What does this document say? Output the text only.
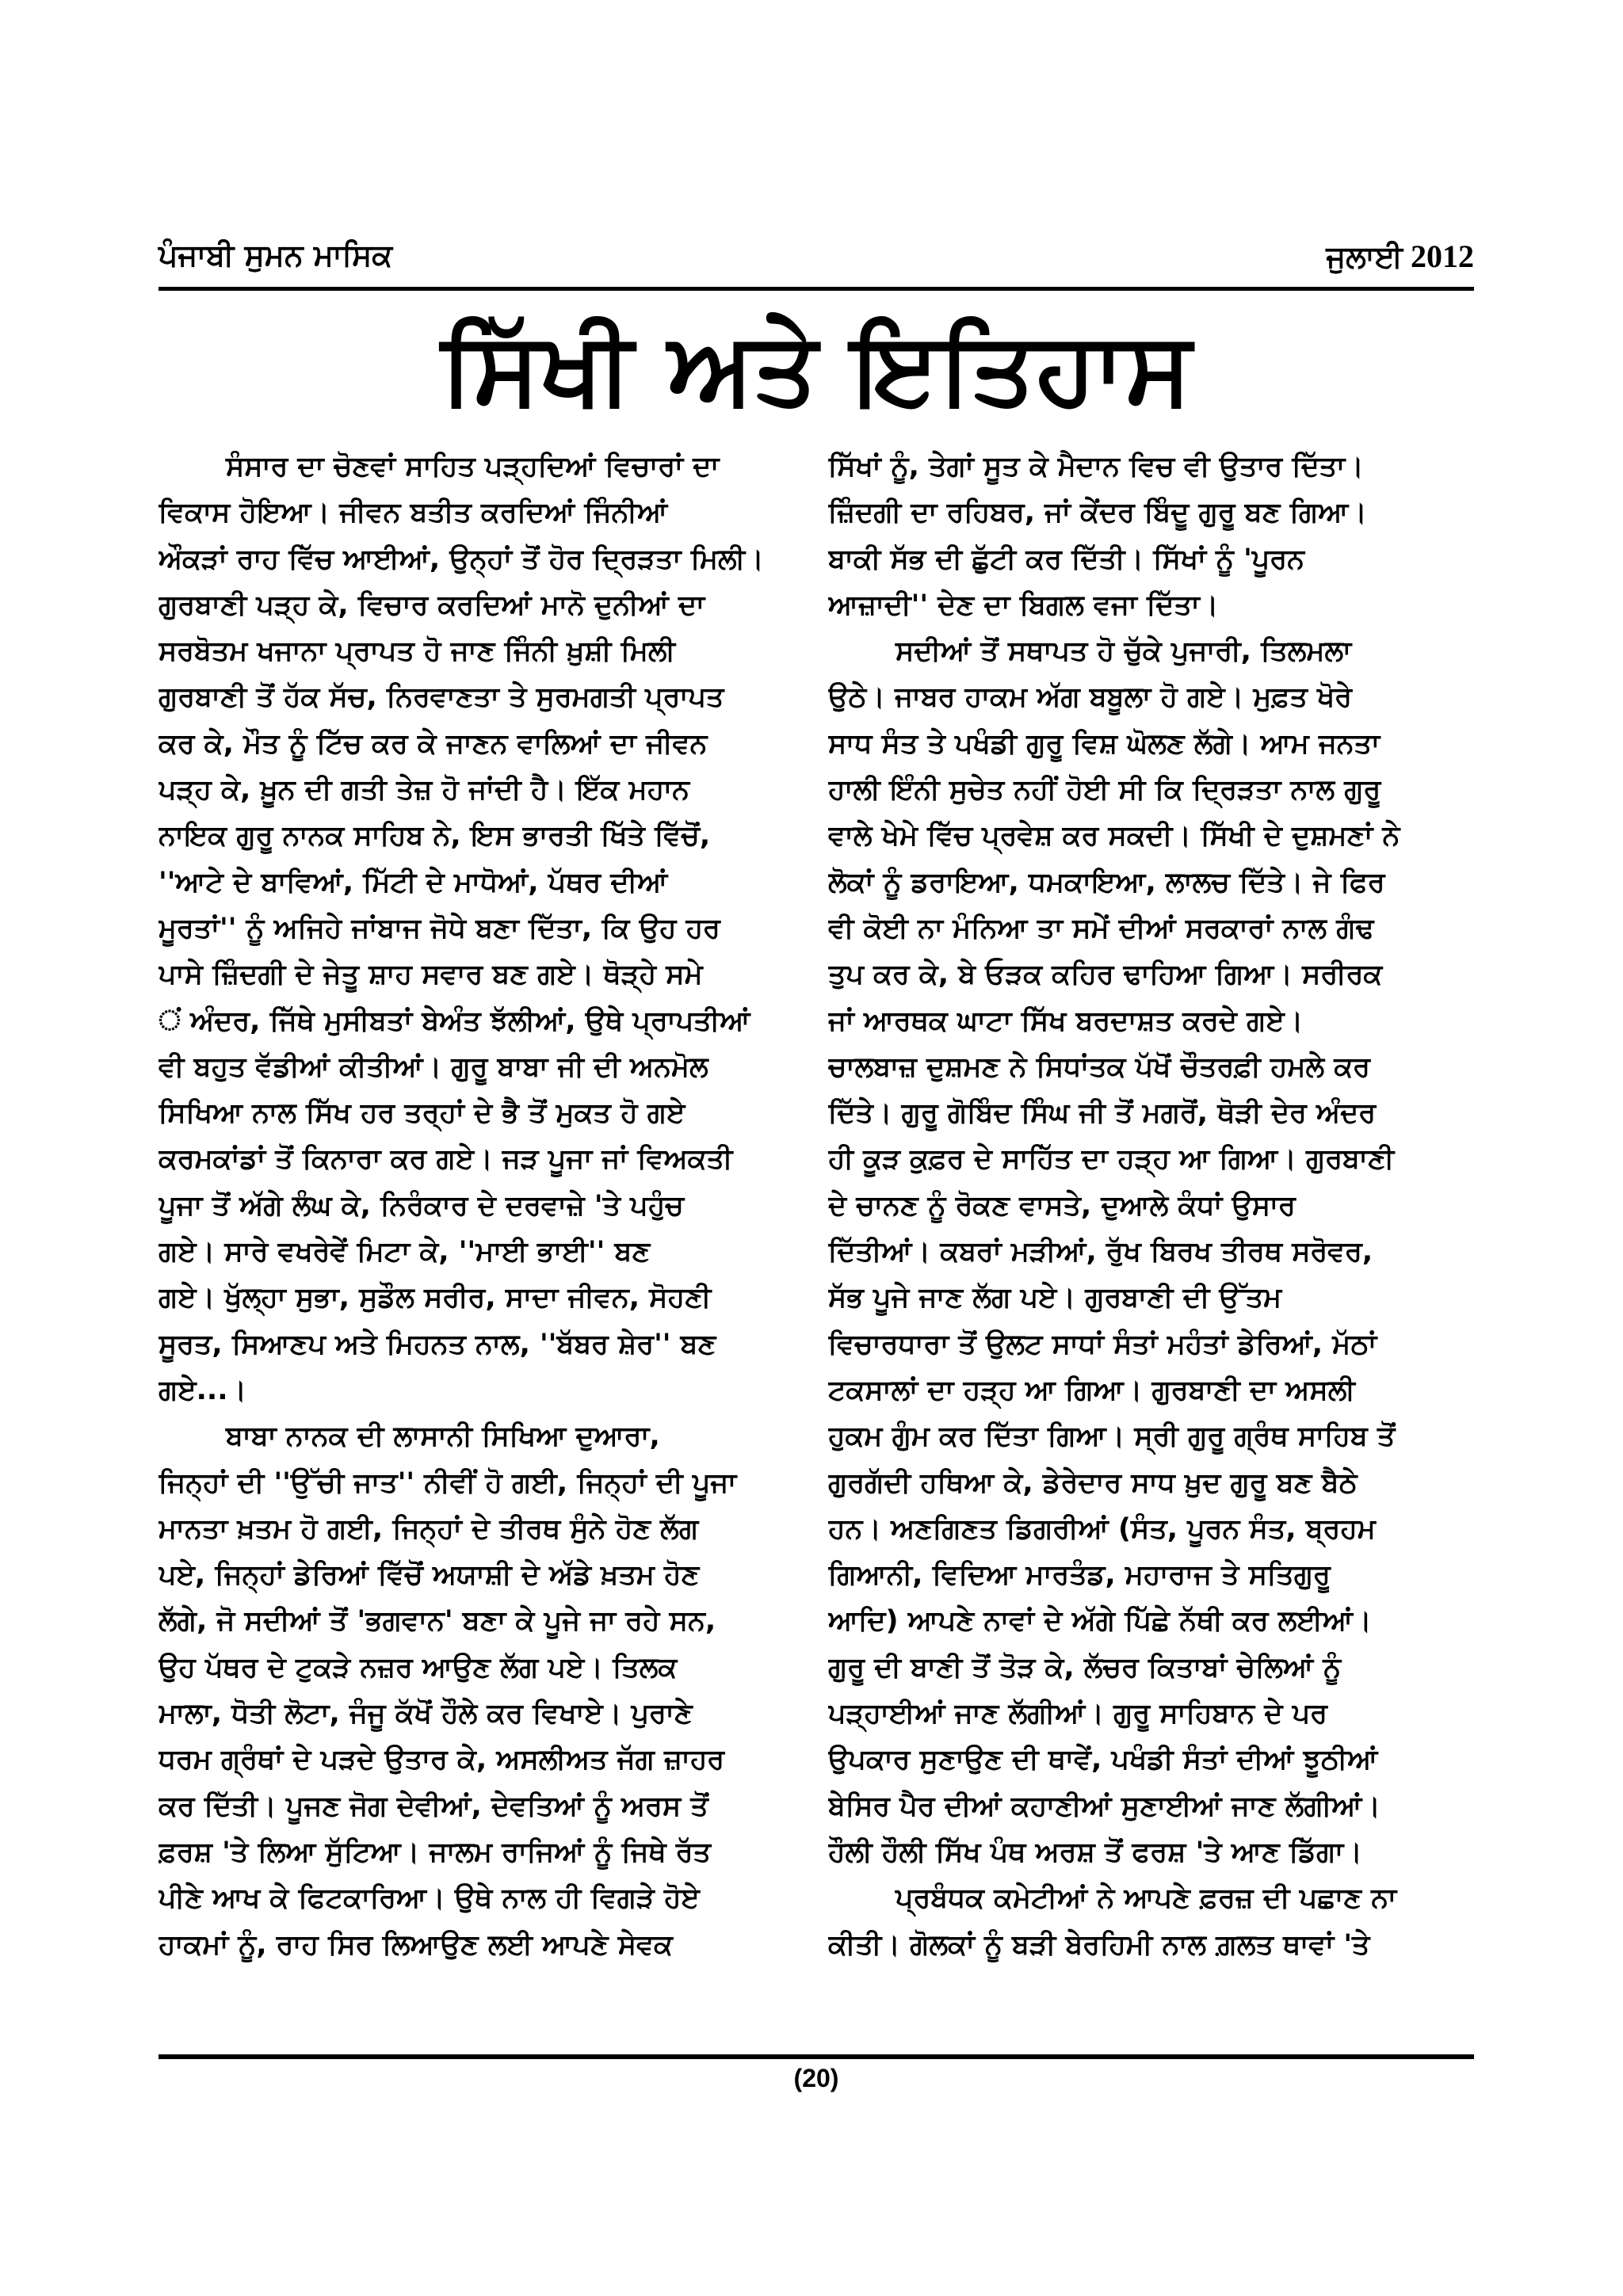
ਪੰਜਾਬੀ ਸੁਮਨ ਮਾਸਿਕ	ਜੁਲਾਈ 2012
ਸਿੱਖੀ ਅਤੇ ਇਤਿਹਾਸ
ਸੰਸਾਰ ਦਾ ਚੋਣਵਾਂ ਸਾਹਿਤ ਪੜ੍ਹਦਿਆਂ ਵਿਚਾਰਾਂ ਦਾ
ਵਿਕਾਸ ਹੋਇਆ। ਜੀਵਨ ਬਤੀਤ ਕਰਦਿਆਂ ਜਿੰਨੀਆਂ
ਔਕੜਾਂ ਰਾਹ ਵਿੱਚ ਆਈਆਂ, ਉਨ੍ਹਾਂ ਤੋਂ ਹੋਰ ਦ੍ਰਿੜਤਾ ਮਿਲੀ।
ਗੁਰਬਾਣੀ ਪੜ੍ਹ ਕੇ, ਵਿਚਾਰ ਕਰਦਿਆਂ ਮਾਨੋ ਦੁਨੀਆਂ ਦਾ
ਸਰਬੋਤਮ ਖਜਾਨਾ ਪ੍ਰਾਪਤ ਹੋ ਜਾਣ ਜਿੰਨੀ ਖ਼ੁਸ਼ੀ ਮਿਲੀ
ਗੁਰਬਾਣੀ ਤੋਂ ਹੱਕ ਸੱਚ, ਨਿਰਵਾਣਤਾ ਤੇ ਸੁਰਮਗਤੀ ਪ੍ਰਾਪਤ
ਕਰ ਕੇ, ਮੌਤ ਨੂੰ ਟਿੱਚ ਕਰ ਕੇ ਜਾਣਨ ਵਾਲਿਆਂ ਦਾ ਜੀਵਨ
ਪੜ੍ਹ ਕੇ, ਖ਼ੂਨ ਦੀ ਗਤੀ ਤੇਜ਼ ਹੋ ਜਾਂਦੀ ਹੈ। ਇੱਕ ਮਹਾਨ
ਨਾਇਕ ਗੁਰੂ ਨਾਨਕ ਸਾਹਿਬ ਨੇ, ਇਸ ਭਾਰਤੀ ਖਿੱਤੇ ਵਿੱਚੋਂ,
''ਆਟੇ ਦੇ ਬਾਵਿਆਂ, ਮਿੱਟੀ ਦੇ ਮਾਧੋਆਂ, ਪੱਥਰ ਦੀਆਂ
ਮੂਰਤਾਂ'' ਨੂੰ ਅਜਿਹੇ ਜਾਂਬਾਜ ਜੋਧੇ ਬਣਾ ਦਿੱਤਾ, ਕਿ ਉਹ ਹਰ
ਪਾਸੇ ਜ਼ਿੰਦਗੀ ਦੇ ਜੇਤੂ ਸ਼ਾਹ ਸਵਾਰ ਬਣ ਗਏ। ਥੋੜ੍ਹੇ ਸਮੇ
ਂ ਅੰਦਰ, ਜਿੱਥੇ ਮੁਸੀਬਤਾਂ ਬੇਅੰਤ ਝੱਲੀਆਂ, ਉਥੇ ਪ੍ਰਾਪਤੀਆਂ
ਵੀ ਬਹੁਤ ਵੱਡੀਆਂ ਕੀਤੀਆਂ। ਗੁਰੂ ਬਾਬਾ ਜੀ ਦੀ ਅਨਮੋਲ
ਸਿਖਿਆ ਨਾਲ ਸਿੱਖ ਹਰ ਤਰ੍ਹਾਂ ਦੇ ਭੈ ਤੋਂ ਮੁਕਤ ਹੋ ਗਏ
ਕਰਮਕਾਂਡਾਂ ਤੋਂ ਕਿਨਾਰਾ ਕਰ ਗਏ। ਜੜ ਪੂਜਾ ਜਾਂ ਵਿਅਕਤੀ
ਪੂਜਾ ਤੋਂ ਅੱਗੇ ਲੰਘ ਕੇ, ਨਿਰੰਕਾਰ ਦੇ ਦਰਵਾਜ਼ੇ 'ਤੇ ਪਹੁੰਚ
ਗਏ। ਸਾਰੇ ਵਖਰੇਵੇਂ ਮਿਟਾ ਕੇ, ''ਮਾਈ ਭਾਈ'' ਬਣ
ਗਏ। ਖੁੱਲ੍ਹਾ ਸੁਭਾ, ਸੁਡੌਲ ਸਰੀਰ, ਸਾਦਾ ਜੀਵਨ, ਸੋਹਣੀ
ਸੂਰਤ, ਸਿਆਣਪ ਅਤੇ ਮਿਹਨਤ ਨਾਲ, ''ਬੱਬਰ ਸ਼ੇਰ'' ਬਣ
ਗਏ...।
ਬਾਬਾ ਨਾਨਕ ਦੀ ਲਾਸਾਨੀ ਸਿਖਿਆ ਦੁਆਰਾ,
ਜਿਨ੍ਹਾਂ ਦੀ ''ਉੱਚੀ ਜਾਤ'' ਨੀਵੀਂ ਹੋ ਗਈ, ਜਿਨ੍ਹਾਂ ਦੀ ਪੂਜਾ
ਮਾਨਤਾ ਖ਼ਤਮ ਹੋ ਗਈ, ਜਿਨ੍ਹਾਂ ਦੇ ਤੀਰਥ ਸੁੰਨੇ ਹੋਣ ਲੱਗ
ਪਏ, ਜਿਨ੍ਹਾਂ ਡੇਰਿਆਂ ਵਿੱਚੋਂ ਅਯਾਸ਼ੀ ਦੇ ਅੱਡੇ ਖ਼ਤਮ ਹੋਣ
ਲੱਗੇ, ਜੋ ਸਦੀਆਂ ਤੋਂ 'ਭਗਵਾਨ' ਬਣਾ ਕੇ ਪੂਜੇ ਜਾ ਰਹੇ ਸਨ,
ਉਹ ਪੱਥਰ ਦੇ ਟੁਕੜੇ ਨਜ਼ਰ ਆਉਣ ਲੱਗ ਪਏ। ਤਿਲਕ
ਮਾਲਾ, ਧੋਤੀ ਲੋਟਾ, ਜੰਜੂ ਕੱਖੋਂ ਹੌਲੇ ਕਰ ਵਿਖਾਏ। ਪੁਰਾਣੇ
ਧਰਮ ਗ੍ਰੰਥਾਂ ਦੇ ਪੜਦੇ ਉਤਾਰ ਕੇ, ਅਸਲੀਅਤ ਜੱਗ ਜ਼ਾਹਰ
ਕਰ ਦਿੱਤੀ। ਪੂਜਣ ਜੋਗ ਦੇਵੀਆਂ, ਦੇਵਤਿਆਂ ਨੂੰ ਅਰਸ ਤੋਂ
ਫ਼ਰਸ਼ 'ਤੇ ਲਿਆ ਸੁੱਟਿਆ। ਜਾਲਮ ਰਾਜਿਆਂ ਨੂੰ ਜਿਥੇ ਰੱਤ
ਪੀਣੇ ਆਖ ਕੇ ਫਿਟਕਾਰਿਆ। ਉਥੇ ਨਾਲ ਹੀ ਵਿਗੜੇ ਹੋਏ
ਹਾਕਮਾਂ ਨੂੰ, ਰਾਹ ਸਿਰ ਲਿਆਉਣ ਲਈ ਆਪਣੇ ਸੇਵਕ
ਸਿੱਖਾਂ ਨੂੰ, ਤੇਗਾਂ ਸੂਤ ਕੇ ਮੈਦਾਨ ਵਿਚ ਵੀ ਉਤਾਰ ਦਿੱਤਾ।
ਜ਼ਿੰਦਗੀ ਦਾ ਰਹਿਬਰ, ਜਾਂ ਕੇਂਦਰ ਬਿੰਦੂ ਗੁਰੂ ਬਣ ਗਿਆ।
ਬਾਕੀ ਸੱਭ ਦੀ ਛੁੱਟੀ ਕਰ ਦਿੱਤੀ। ਸਿੱਖਾਂ ਨੂੰ 'ਪੂਰਨ
ਆਜ਼ਾਦੀ'' ਦੇਣ ਦਾ ਬਿਗਲ ਵਜਾ ਦਿੱਤਾ।
ਸਦੀਆਂ ਤੋਂ ਸਥਾਪਤ ਹੋ ਚੁੱਕੇ ਪੁਜਾਰੀ, ਤਿਲਮਲਾ
ਉਠੇ। ਜਾਬਰ ਹਾਕਮ ਅੱਗ ਬਬੂਲਾ ਹੋ ਗਏ। ਮੁਫ਼ਤ ਖੋਰੇ
ਸਾਧ ਸੰਤ ਤੇ ਪਖੰਡੀ ਗੁਰੂ ਵਿਸ਼ ਘੋਲਣ ਲੱਗੇ। ਆਮ ਜਨਤਾ
ਹਾਲੀ ਇੰਨੀ ਸੁਚੇਤ ਨਹੀਂ ਹੋਈ ਸੀ ਕਿ ਦ੍ਰਿੜਤਾ ਨਾਲ ਗੁਰੂ
ਵਾਲੇ ਖੇਮੇ ਵਿੱਚ ਪ੍ਰਵੇਸ਼ ਕਰ ਸਕਦੀ। ਸਿੱਖੀ ਦੇ ਦੁਸ਼ਮਣਾਂ ਨੇ
ਲੋਕਾਂ ਨੂੰ ਡਰਾਇਆ, ਧਮਕਾਇਆ, ਲਾਲਚ ਦਿੱਤੇ। ਜੇ ਫਿਰ
ਵੀ ਕੋਈ ਨਾ ਮੰਨਿਆ ਤਾ ਸਮੇਂ ਦੀਆਂ ਸਰਕਾਰਾਂ ਨਾਲ ਗੰਢ
ਤੁਪ ਕਰ ਕੇ, ਬੇ ਓੜਕ ਕਹਿਰ ਢਾਹਿਆ ਗਿਆ। ਸਰੀਰਕ
ਜਾਂ ਆਰਥਕ ਘਾਟਾ ਸਿੱਖ ਬਰਦਾਸ਼ਤ ਕਰਦੇ ਗਏ।
ਚਾਲਬਾਜ਼ ਦੁਸ਼ਮਣ ਨੇ ਸਿਧਾਂਤਕ ਪੱਖੋਂ ਚੌਤਰਫ਼ੀ ਹਮਲੇ ਕਰ
ਦਿੱਤੇ। ਗੁਰੂ ਗੋਬਿੰਦ ਸਿੰਘ ਜੀ ਤੋਂ ਮਗਰੋਂ, ਥੋੜੀ ਦੇਰ ਅੰਦਰ
ਹੀ ਕੂੜ ਕੁਫ਼ਰ ਦੇ ਸਾਹਿੱਤ ਦਾ ਹੜ੍ਹ ਆ ਗਿਆ। ਗੁਰਬਾਣੀ
ਦੇ ਚਾਨਣ ਨੂੰ ਰੋਕਣ ਵਾਸਤੇ, ਦੁਆਲੇ ਕੰਧਾਂ ਉਸਾਰ
ਦਿੱਤੀਆਂ। ਕਬਰਾਂ ਮੜੀਆਂ, ਰੁੱਖ ਬਿਰਖ ਤੀਰਥ ਸਰੋਵਰ,
ਸੱਭ ਪੂਜੇ ਜਾਣ ਲੱਗ ਪਏ। ਗੁਰਬਾਣੀ ਦੀ ਉੱਤਮ
ਵਿਚਾਰਧਾਰਾ ਤੋਂ ਉਲਟ ਸਾਧਾਂ ਸੰਤਾਂ ਮਹੰਤਾਂ ਡੇਰਿਆਂ, ਮੱਠਾਂ
ਟਕਸਾਲਾਂ ਦਾ ਹੜ੍ਹ ਆ ਗਿਆ। ਗੁਰਬਾਣੀ ਦਾ ਅਸਲੀ
ਹੁਕਮ ਗੁੰਮ ਕਰ ਦਿੱਤਾ ਗਿਆ। ਸ੍ਰੀ ਗੁਰੂ ਗ੍ਰੰਥ ਸਾਹਿਬ ਤੋਂ
ਗੁਰਗੱਦੀ ਹਥਿਆ ਕੇ, ਡੇਰੇਦਾਰ ਸਾਧ ਖ਼ੁਦ ਗੁਰੂ ਬਣ ਬੈਠੇ
ਹਨ। ਅਣਗਿਣਤ ਡਿਗਰੀਆਂ (ਸੰਤ, ਪੂਰਨ ਸੰਤ, ਬ੍ਰਹਮ
ਗਿਆਨੀ, ਵਿਦਿਆ ਮਾਰਤੰਡ, ਮਹਾਰਾਜ ਤੇ ਸਤਿਗੁਰੂ
ਆਦਿ) ਆਪਣੇ ਨਾਵਾਂ ਦੇ ਅੱਗੇ ਪਿੱਛੇ ਨੱਥੀ ਕਰ ਲਈਆਂ।
ਗੁਰੂ ਦੀ ਬਾਣੀ ਤੋਂ ਤੋੜ ਕੇ, ਲੱਚਰ ਕਿਤਾਬਾਂ ਚੇਲਿਆਂ ਨੂੰ
ਪੜ੍ਹਾਈਆਂ ਜਾਣ ਲੱਗੀਆਂ। ਗੁਰੂ ਸਾਹਿਬਾਨ ਦੇ ਪਰ
ਉਪਕਾਰ ਸੁਣਾਉਣ ਦੀ ਥਾਵੇਂ, ਪਖੰਡੀ ਸੰਤਾਂ ਦੀਆਂ ਝੂਠੀਆਂ
ਬੇਸਿਰ ਪੈਰ ਦੀਆਂ ਕਹਾਣੀਆਂ ਸੁਣਾਈਆਂ ਜਾਣ ਲੱਗੀਆਂ।
ਹੌਲੀ ਹੌਲੀ ਸਿੱਖ ਪੰਥ ਅਰਸ਼ ਤੋਂ ਫਰਸ਼ 'ਤੇ ਆਣ ਡਿੱਗਾ।
ਪ੍ਰਬੰਧਕ ਕਮੇਟੀਆਂ ਨੇ ਆਪਣੇ ਫ਼ਰਜ਼ ਦੀ ਪਛਾਣ ਨਾ
ਕੀਤੀ। ਗੋਲਕਾਂ ਨੂੰ ਬੜੀ ਬੇਰਹਿਮੀ ਨਾਲ ਗ਼ਲਤ ਥਾਵਾਂ 'ਤੇ
(20)
